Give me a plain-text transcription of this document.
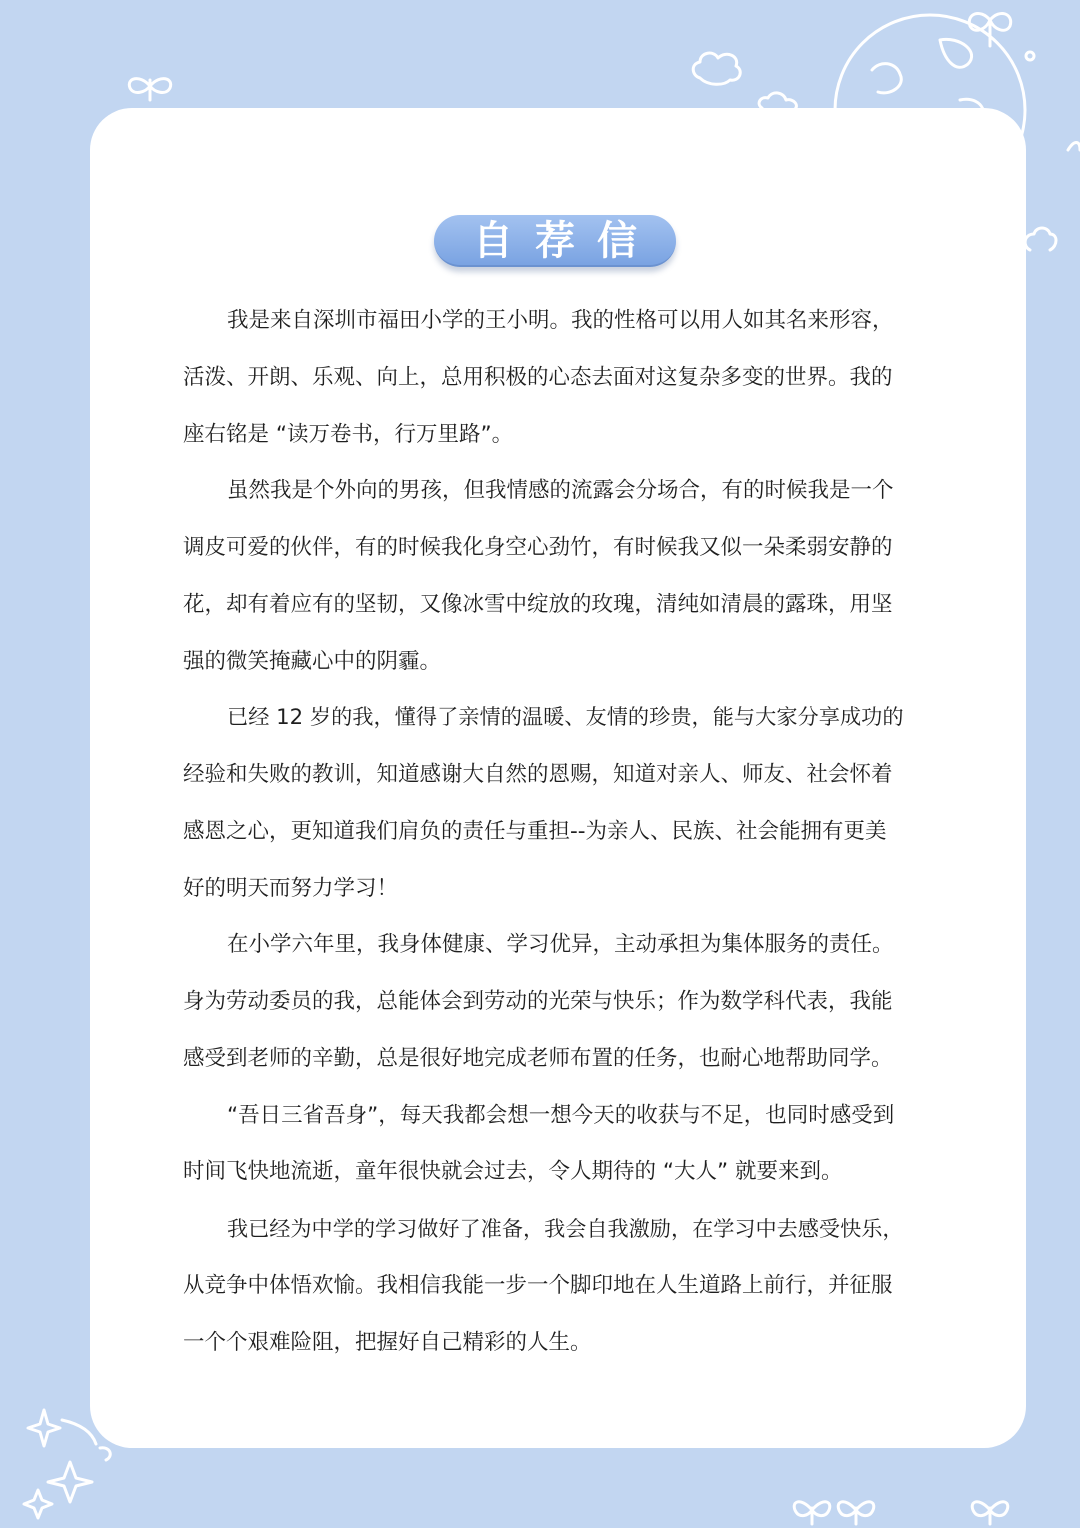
自荐信
我是来自深圳市福田小学的王小明。我的性格可以用人如其名来形容，
活泼、开朗、乐观、向上，总用积极的心态去面对这复杂多变的世界。我的
座右铭是 “读万卷书，行万里路”。
虽然我是个外向的男孩，但我情感的流露会分场合，有的时候我是一个
调皮可爱的伙伴，有的时候我化身空心劲竹，有时候我又似一朵柔弱安静的
花，却有着应有的坚韧，又像冰雪中绽放的玫瑰，清纯如清晨的露珠，用坚
强的微笑掩藏心中的阴霾。
已经 12 岁的我，懂得了亲情的温暖、友情的珍贵，能与大家分享成功的
经验和失败的教训，知道感谢大自然的恩赐，知道对亲人、师友、社会怀着
感恩之心，更知道我们肩负的责任与重担--为亲人、民族、社会能拥有更美
好的明天而努力学习！
在小学六年里，我身体健康、学习优异，主动承担为集体服务的责任。
身为劳动委员的我，总能体会到劳动的光荣与快乐；作为数学科代表，我能
感受到老师的辛勤，总是很好地完成老师布置的任务，也耐心地帮助同学。
“吾日三省吾身”，每天我都会想一想今天的收获与不足，也同时感受到
时间飞快地流逝，童年很快就会过去，令人期待的 “大人” 就要来到。
我已经为中学的学习做好了准备，我会自我激励，在学习中去感受快乐，
从竞争中体悟欢愉。我相信我能一步一个脚印地在人生道路上前行，并征服
一个个艰难险阻，把握好自己精彩的人生。
